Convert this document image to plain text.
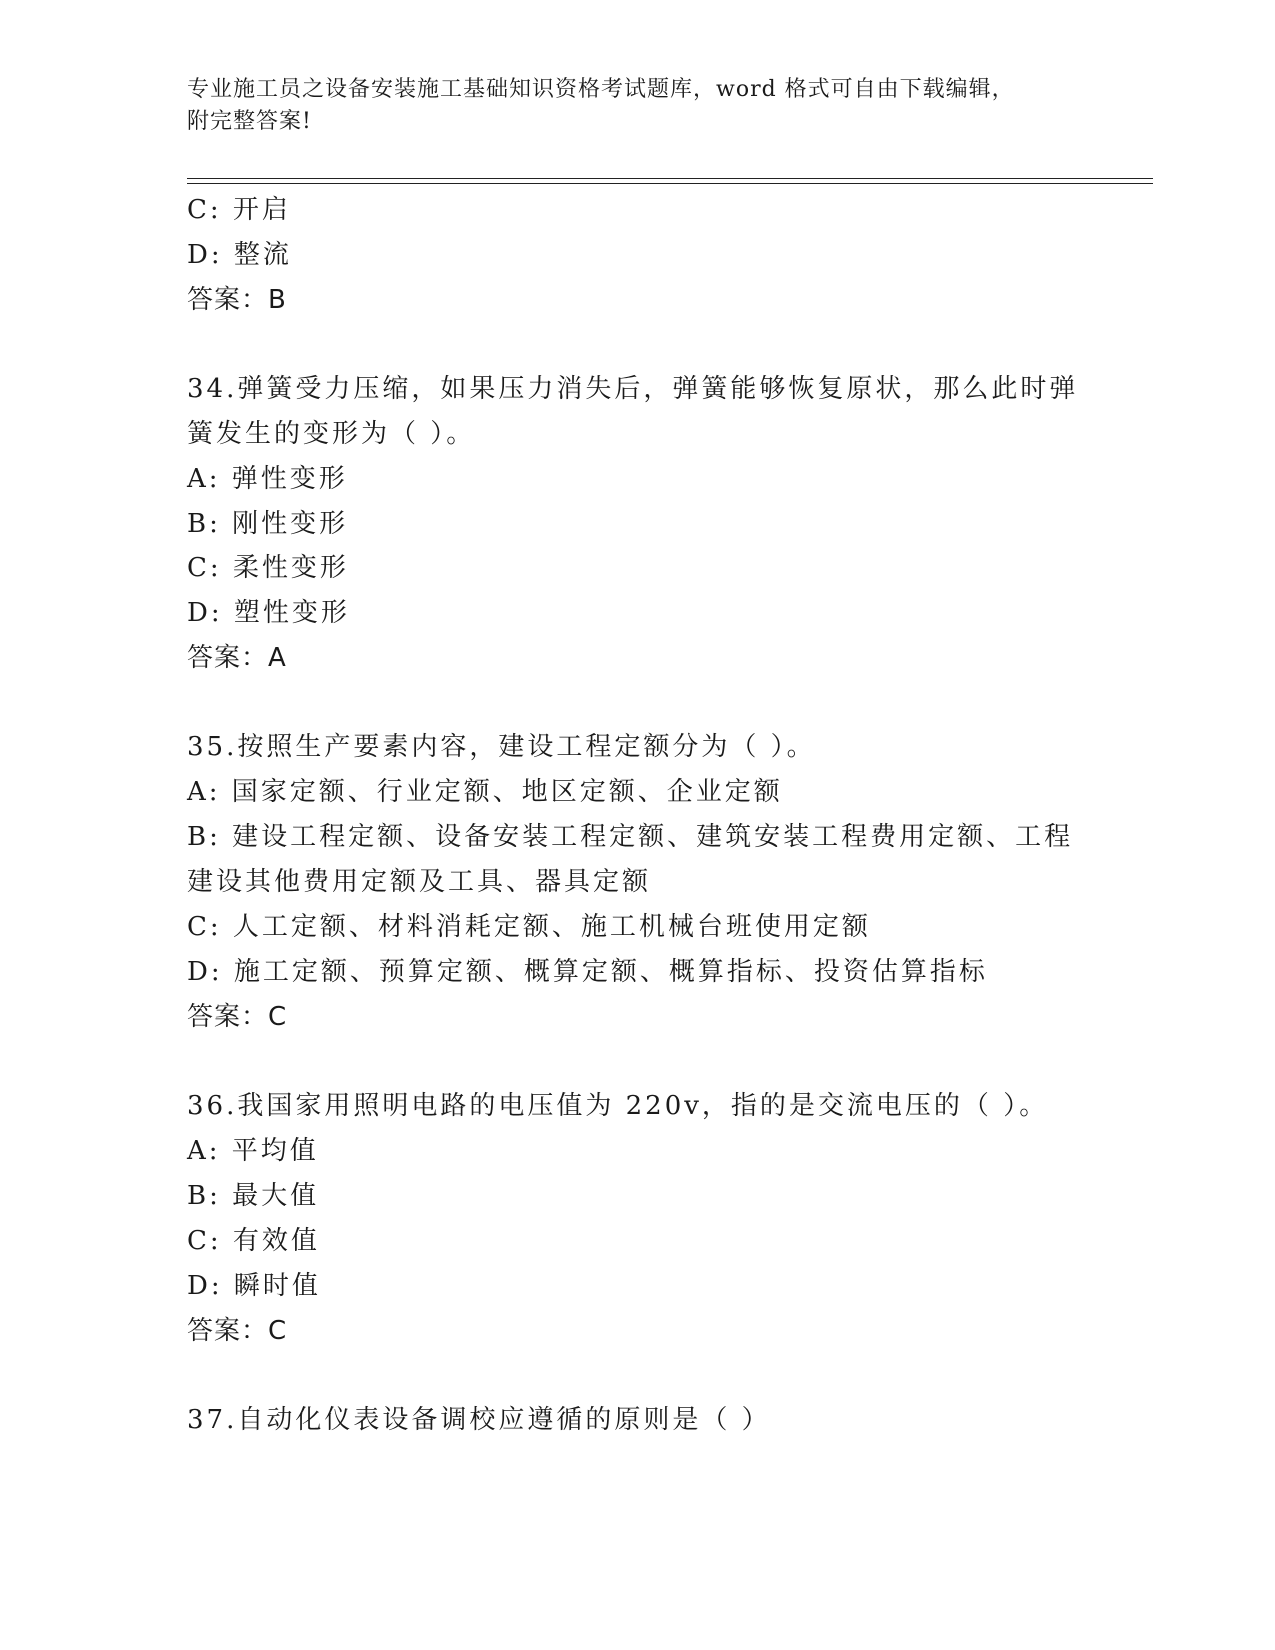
专业施工员之设备安装施工基础知识资格考试题库，word 格式可自由下载编辑，
附完整答案!
C: 开启
D: 整流
答案：B
34.弹簧受力压缩，如果压力消失后，弹簧能够恢复原状，那么此时弹
簧发生的变形为（ ）。
A: 弹性变形
B: 刚性变形
C: 柔性变形
D: 塑性变形
答案：A
35.按照生产要素内容，建设工程定额分为（ ）。
A: 国家定额、行业定额、地区定额、企业定额
B: 建设工程定额、设备安装工程定额、建筑安装工程费用定额、工程
建设其他费用定额及工具、器具定额
C: 人工定额、材料消耗定额、施工机械台班使用定额
D: 施工定额、预算定额、概算定额、概算指标、投资估算指标
答案：C
36.我国家用照明电路的电压值为 220v，指的是交流电压的（ ）。
A: 平均值
B: 最大值
C: 有效值
D: 瞬时值
答案：C
37.自动化仪表设备调校应遵循的原则是（ ）
